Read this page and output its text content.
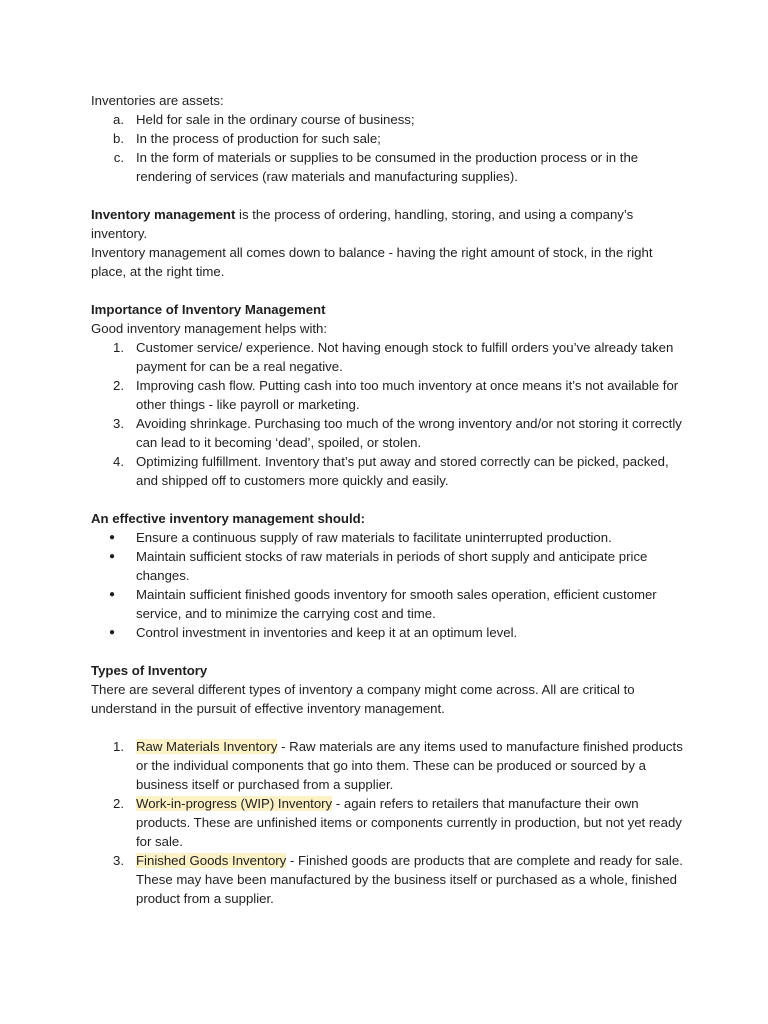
Inventories are assets:

a. Held for sale in the ordinary course of business;
b. In the process of production for such sale;
c. In the form of materials or supplies to be consumed in the production process or in the rendering of services (raw materials and manufacturing supplies).

Inventory management is the process of ordering, handling, storing, and using a company’s inventory.

Inventory management all comes down to balance - having the right amount of stock, in the right place, at the right time.

Importance of Inventory Management

Good inventory management helps with:

1. Customer service/ experience. Not having enough stock to fulfill orders you’ve already taken payment for can be a real negative.
2. Improving cash flow. Putting cash into too much inventory at once means it’s not available for other things - like payroll or marketing.
3. Avoiding shrinkage. Purchasing too much of the wrong inventory and/or not storing it correctly can lead to it becoming ‘dead’, spoiled, or stolen.
4. Optimizing fulfillment. Inventory that’s put away and stored correctly can be picked, packed, and shipped off to customers more quickly and easily.

An effective inventory management should:

● Ensure a continuous supply of raw materials to facilitate uninterrupted production.
● Maintain sufficient stocks of raw materials in periods of short supply and anticipate price changes.
● Maintain sufficient finished goods inventory for smooth sales operation, efficient customer service, and to minimize the carrying cost and time.
● Control investment in inventories and keep it at an optimum level.

Types of Inventory

There are several different types of inventory a company might come across. All are critical to understand in the pursuit of effective inventory management.

1. Raw Materials Inventory - Raw materials are any items used to manufacture finished products or the individual components that go into them. These can be produced or sourced by a business itself or purchased from a supplier.
2. Work-in-progress (WIP) Inventory - again refers to retailers that manufacture their own products. These are unfinished items or components currently in production, but not yet ready for sale.
3. Finished Goods Inventory - Finished goods are products that are complete and ready for sale. These may have been manufactured by the business itself or purchased as a whole, finished product from a supplier.
